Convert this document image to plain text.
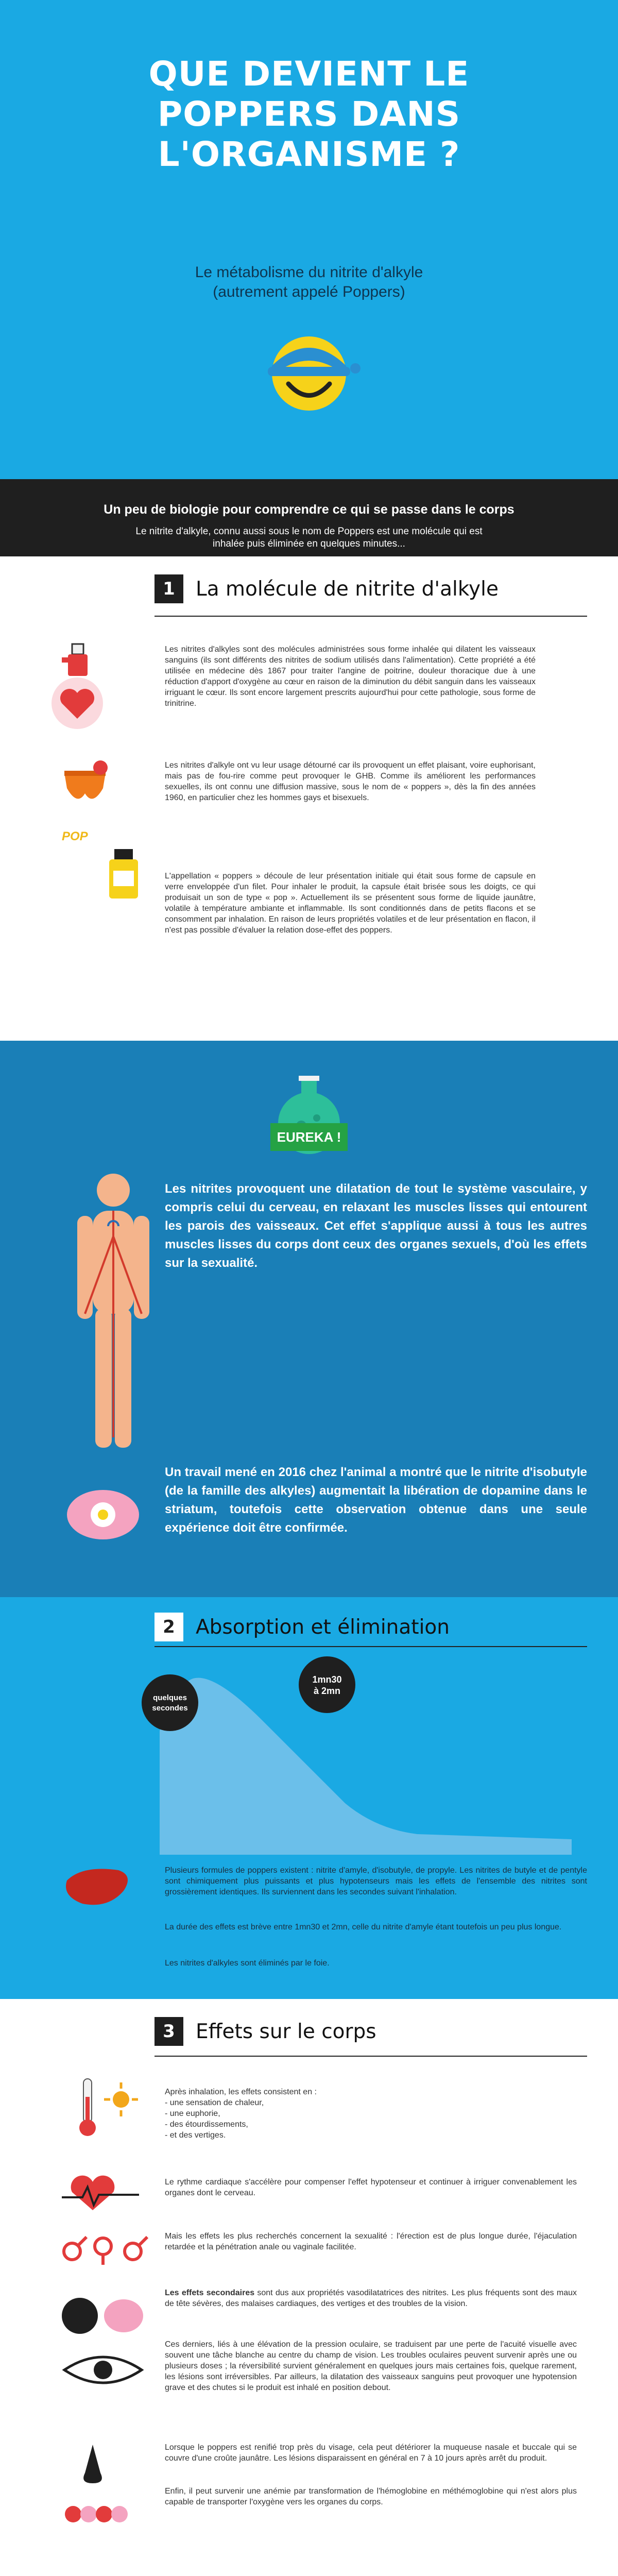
QUE DEVIENT LE
POPPERS DANS
L'ORGANISME ?
Le métabolisme du nitrite d'alkyle
(autrement appelé Poppers)
Un peu de biologie pour comprendre ce qui se passe dans le corps
Le nitrite d'alkyle, connu aussi sous le nom de Poppers est une molécule qui est inhalée puis éliminée en quelques minutes...
1	La molécule de nitrite d'alkyle
Les nitrites d'alkyles sont des molécules administrées sous forme inhalée qui dilatent les vaisseaux sanguins (ils sont différents des nitrites de sodium utilisés dans l'alimentation). Cette propriété a été utilisée en médecine dès 1867 pour traiter l'angine de poitrine, douleur thoracique due à une réduction d'apport d'oxygène au cœur en raison de la diminution du débit sanguin dans les vaisseaux irriguant le cœur. Ils sont encore largement prescrits aujourd'hui pour cette pathologie, sous forme de trinitrine.
Les nitrites d'alkyle ont vu leur usage détourné car ils provoquent un effet plaisant, voire euphorisant, mais pas de fou-rire comme peut provoquer le GHB. Comme ils améliorent les performances sexuelles, ils ont connu une diffusion massive, sous le nom de « poppers », dès la fin des années 1960, en particulier chez les hommes gays et bisexuels.
POP
L'appellation « poppers » découle de leur présentation initiale qui était sous forme de capsule en verre enveloppée d'un filet. Pour inhaler le produit, la capsule était brisée sous les doigts, ce qui produisait un son de type « pop ». Actuellement ils se présentent sous forme de liquide jaunâtre, volatile à température ambiante et inflammable. Ils sont conditionnés dans de petits flacons et se consomment par inhalation. En raison de leurs propriétés volatiles et de leur présentation en flacon, il n'est pas possible d'évaluer la relation dose-effet des poppers.
EUREKA !
Les nitrites provoquent une dilatation de tout le système vasculaire, y compris celui du cerveau, en relaxant les muscles lisses qui entourent les parois des vaisseaux. Cet effet s'applique aussi à tous les autres muscles lisses du corps dont ceux des organes sexuels, d'où les effets sur la sexualité.
Un travail mené en 2016 chez l'animal a montré que le nitrite d'isobutyle (de la famille des alkyles) augmentait la libération de dopamine dans le striatum, toutefois cette observation obtenue dans une seule expérience doit être confirmée.
2	Absorption et élimination
quelques
secondes
1mn30
à 2mn
Plusieurs formules de poppers existent : nitrite d'amyle, d'isobutyle, de propyle. Les nitrites de butyle et de pentyle sont chimiquement plus puissants et plus hypotenseurs mais les effets de l'ensemble des nitrites sont grossièrement identiques. Ils surviennent dans les secondes suivant l'inhalation.
La durée des effets est brève entre 1mn30 et 2mn, celle du nitrite d'amyle étant toutefois un peu plus longue.
Les nitrites d'alkyles sont éliminés par le foie.
3	Effets sur le corps
Après inhalation, les effets consistent en :
- une sensation de chaleur,
- une euphorie,
- des étourdissements,
- et des vertiges.
Le rythme cardiaque s'accélère pour compenser l'effet hypotenseur et continuer à irriguer convenablement les organes dont le cerveau.
Mais les effets les plus recherchés concernent la sexualité : l'érection est de plus longue durée, l'éjaculation retardée et la pénétration anale ou vaginale facilitée.
Les effets secondaires sont dus aux propriétés vasodilatatrices des nitrites. Les plus fréquents sont des maux de tête sévères, des malaises cardiaques, des vertiges et des troubles de la vision.
Ces derniers, liés à une élévation de la pression oculaire, se traduisent par une perte de l'acuité visuelle avec souvent une tâche blanche au centre du champ de vision. Les troubles oculaires peuvent survenir après une ou plusieurs doses ; la réversibilité survient généralement en quelques jours mais certaines fois, quelque rarement, les lésions sont irréversibles. Par ailleurs, la dilatation des vaisseaux sanguins peut provoquer une hypotension grave et des chutes si le produit est inhalé en position debout.
Lorsque le poppers est renifié trop près du visage, cela peut détériorer la muqueuse nasale et buccale qui se couvre d'une croûte jaunâtre. Les lésions disparaissent en général en 7 à 10 jours après arrêt du produit.
Enfin, il peut survenir une anémie par transformation de l'hémoglobine en méthémoglobine qui n'est alors plus capable de transporter l'oxygène vers les organes du corps.
